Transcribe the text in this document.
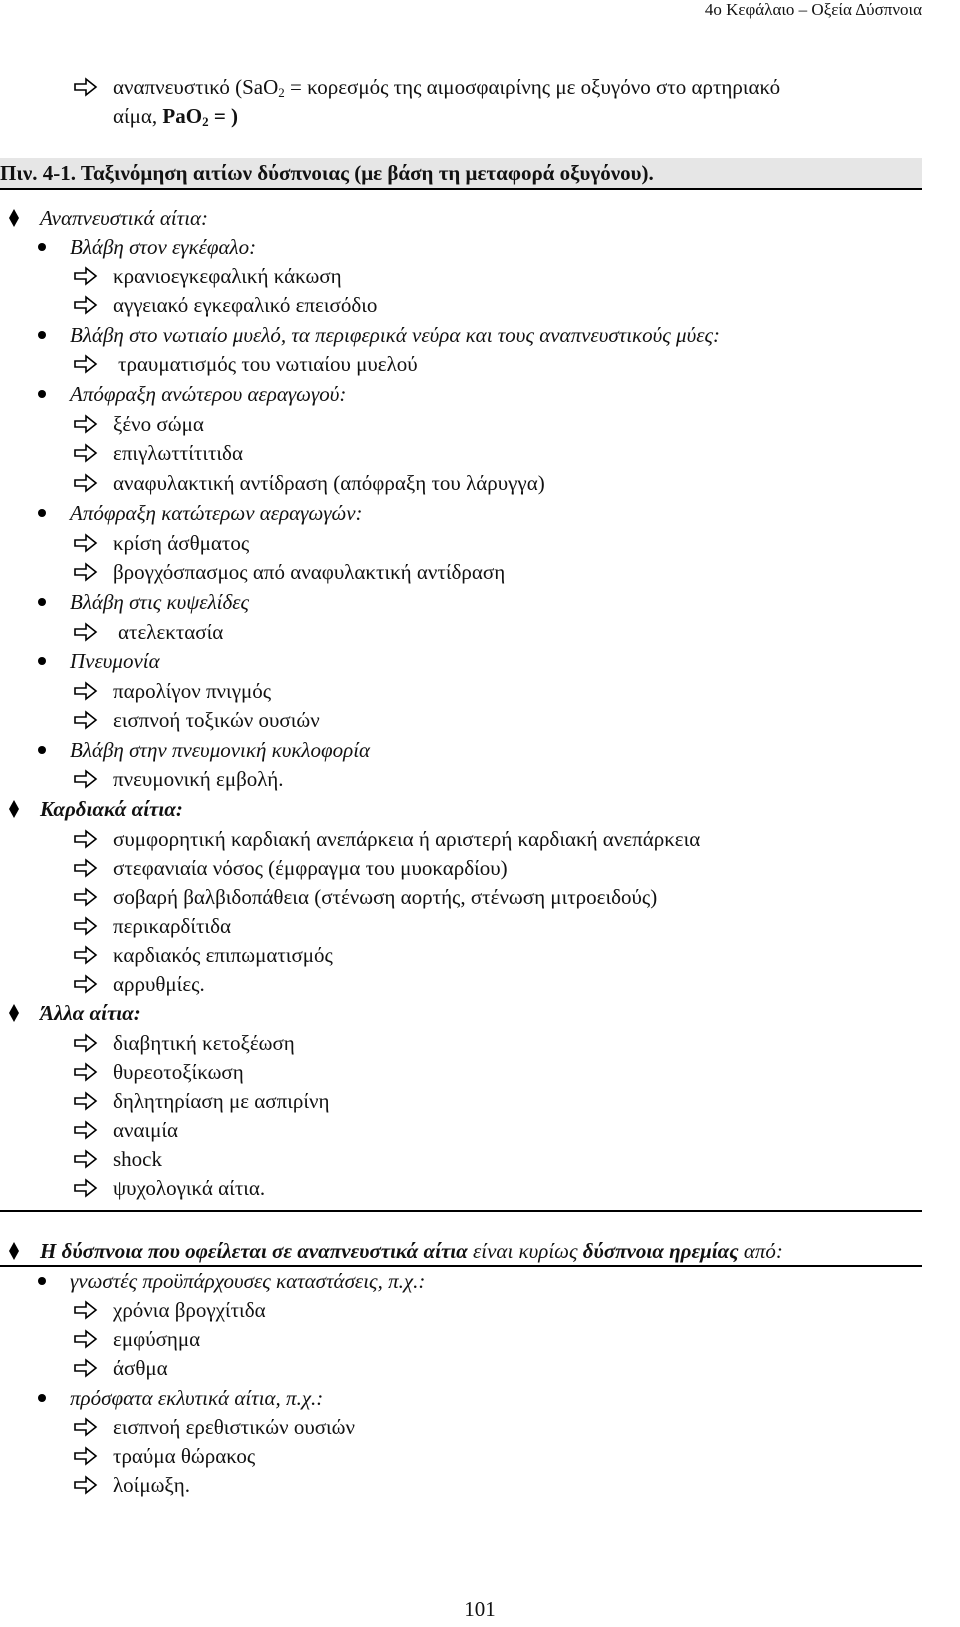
4ο Κεφάλαιο – Οξεία Δύσπνοια
αναπνευστικό (SaO$_2$ = κορεσμός της αιμοσφαιρίνης με οξυγόνο στο αρτηριακό
αίμα, PaO$_2$ = )
Πιν. 4-1. Ταξινόμηση αιτίων δύσπνοιας (με βάση τη μεταφορά οξυγόνου).
Αναπνευστικά αίτια:
Βλάβη στον εγκέφαλο:
κρανιοεγκεφαλική κάκωση
αγγειακό εγκεφαλικό επεισόδιο
Βλάβη στο νωτιαίο μυελό, τα περιφερικά νεύρα και τους αναπνευστικούς μύες:
τραυματισμός του νωτιαίου μυελού
Απόφραξη ανώτερου αεραγωγού:
ξένο σώμα
επιγλωττίτιτιδα
αναφυλακτική αντίδραση (απόφραξη του λάρυγγα)
Απόφραξη κατώτερων αεραγωγών:
κρίση άσθματος
βρογχόσπασμος από αναφυλακτική αντίδραση
Βλάβη στις κυψελίδες
ατελεκτασία
Πνευμονία
παρολίγον πνιγμός
εισπνοή τοξικών ουσιών
Βλάβη στην πνευμονική κυκλοφορία
πνευμονική εμβολή.
Καρδιακά αίτια:
συμφορητική καρδιακή ανεπάρκεια ή αριστερή καρδιακή ανεπάρκεια
στεφανιαία νόσος (έμφραγμα του μυοκαρδίου)
σοβαρή βαλβιδοπάθεια (στένωση αορτής, στένωση μιτροειδούς)
περικαρδίτιδα
καρδιακός επιπωματισμός
αρρυθμίες.
Άλλα αίτια:
διαβητική κετοξέωση
θυρεοτοξίκωση
δηλητηρίαση με ασπιρίνη
αναιμία
shock
ψυχολογικά αίτια.
Η δύσπνοια που οφείλεται σε αναπνευστικά αίτια είναι κυρίως δύσπνοια ηρεμίας από:
γνωστές προϋπάρχουσες καταστάσεις, π.χ.:
χρόνια βρογχίτιδα
εμφύσημα
άσθμα
πρόσφατα εκλυτικά αίτια, π.χ.:
εισπνοή ερεθιστικών ουσιών
τραύμα θώρακος
λοίμωξη.
101
